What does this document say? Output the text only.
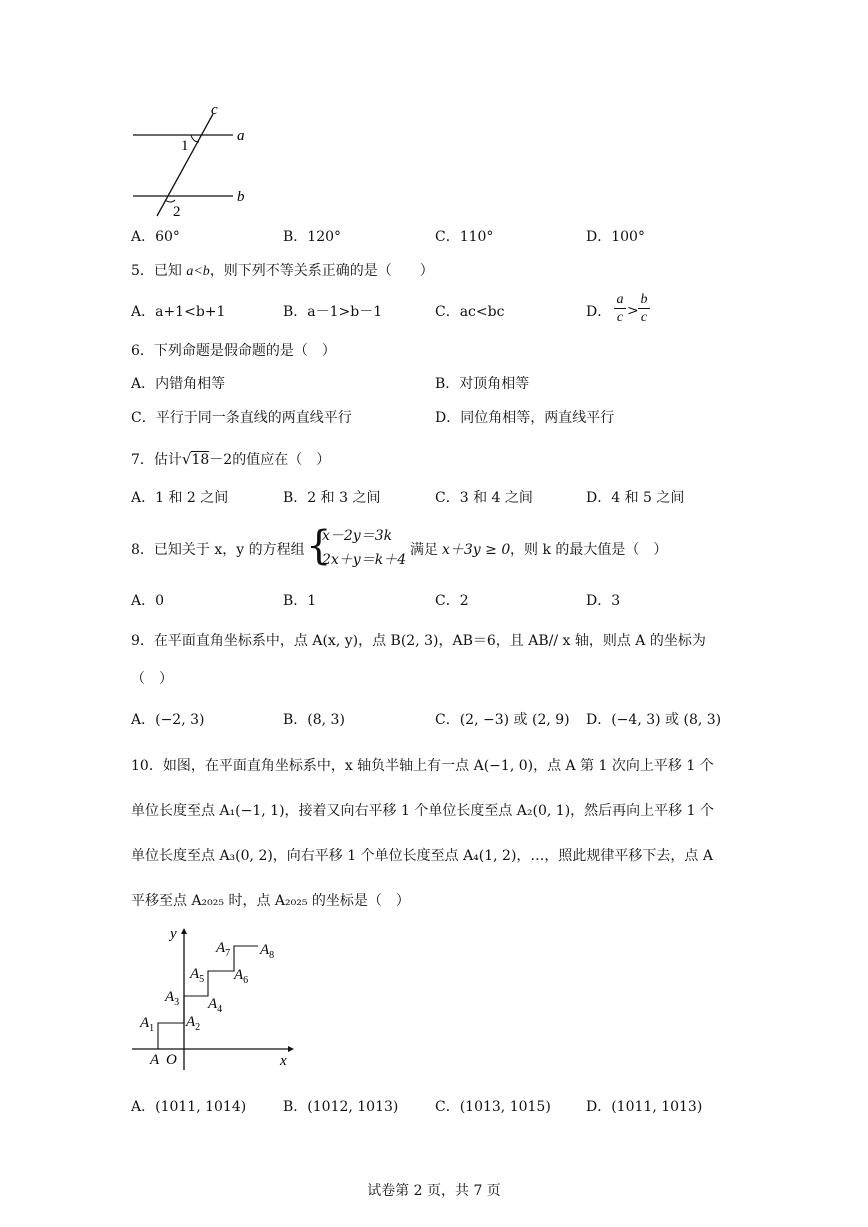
c
a
b
1
2
A．60°	B．120°	C．110°	D．100°
5．已知 a<b，则下列不等关系正确的是（　　）
A．a+1<b+1	B．a－1>b－1	C．ac<bc	D．
a
c >
b
c
6．下列命题是假命题的是（　）
A．内错角相等	B．对顶角相等
C．平行于同一条直线的两直线平行	D．同位角相等，两直线平行
7．估计√18－2的值应在（　）
A．1 和 2 之间	B．2 和 3 之间	C．3 和 4 之间	D．4 和 5 之间
8．已知关于 x，y 的方程组 {
x－2y＝3k
2x＋y＝k＋4
满足 x＋3y ≥ 0 ，则 k 的最大值是（　）
A．0	B．1	C．2	D．3
9．在平面直角坐标系中，点 A(x, y)，点 B(2, 3)，AB＝6，且 AB// x 轴，则点 A 的坐标为
（　）
A．(−2, 3)	B．(8, 3)	C．(2, −3) 或 (2, 9) D．(−4, 3) 或 (8, 3)
10．如图，在平面直角坐标系中，x 轴负半轴上有一点 A(−1, 0)，点 A 第 1 次向上平移 1 个
单位长度至点 A₁(−1, 1)，接着又向右平移 1 个单位长度至点 A₂(0, 1)，然后再向上平移 1 个
单位长度至点 A₃(0, 2)，向右平移 1 个单位长度至点 A₄(1, 2)，…，照此规律平移下去，点 A
平移至点 A₂₀₂₅ 时，点 A₂₀₂₅ 的坐标是（　）
y
x
O
A
$A_1$ $A_2$
$A_3$ $A_4$
$A_5$ $A_6$
$A_7$ $A_8$
A．(1011, 1014)	B．(1012, 1013)	C．(1013, 1015)	D．(1011, 1013)
试卷第 2 页，共 7 页
